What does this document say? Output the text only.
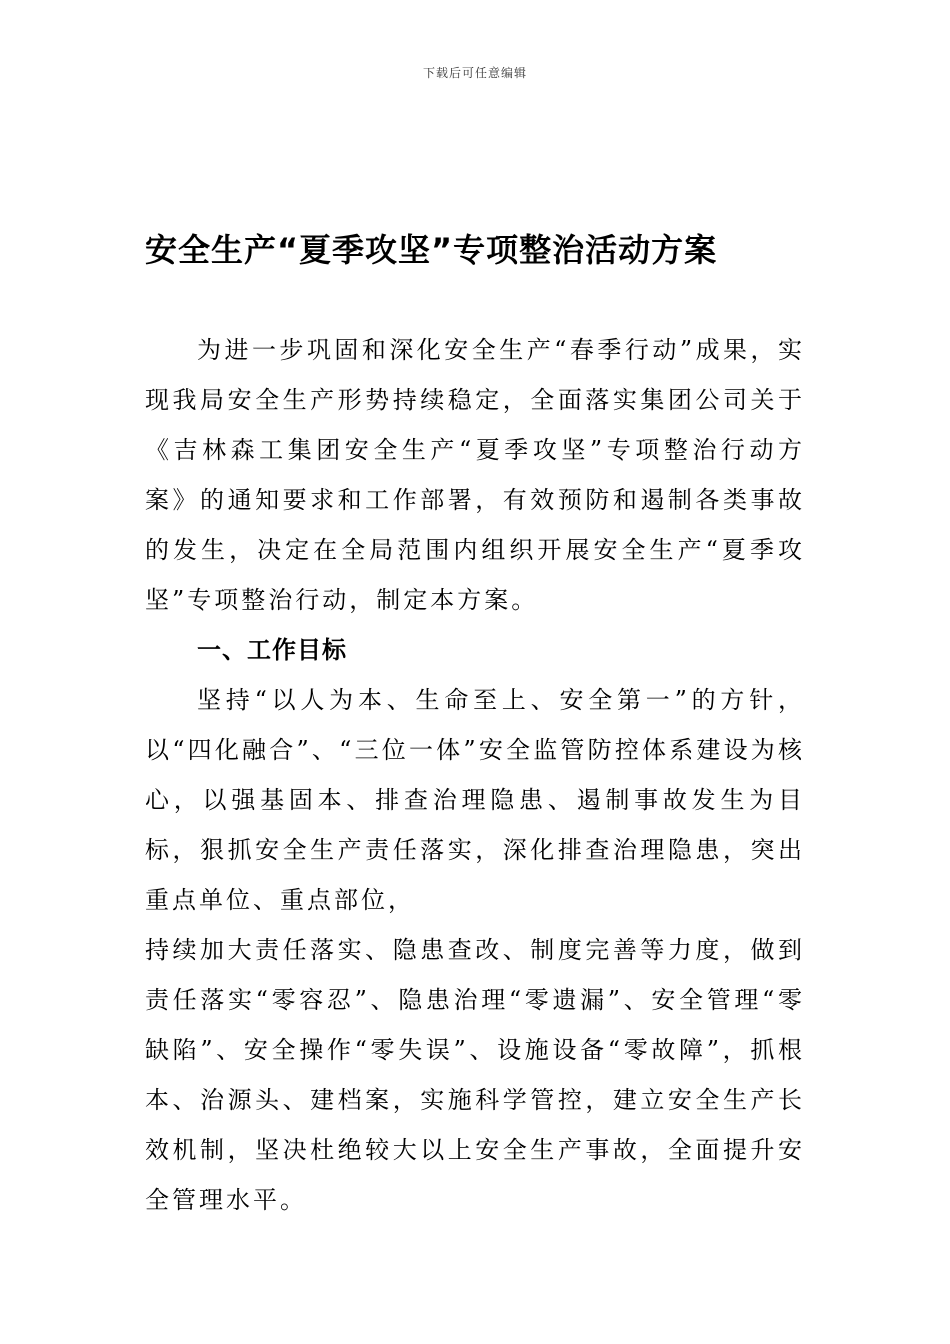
下载后可任意编辑
安全生产“夏季攻坚”专项整治活动方案

为进一步巩固和深化安全生产“春季行动”成果，实现我局安全生产形势持续稳定，全面落实集团公司关于《吉林森工集团安全生产“夏季攻坚”专项整治行动方案》的通知要求和工作部署，有效预防和遏制各类事故的发生，决定在全局范围内组织开展安全生产“夏季攻坚”专项整治行动，制定本方案。

一、工作目标

坚持“以人为本、生命至上、安全第一”的方针，以“四化融合”、“三位一体”安全监管防控体系建设为核心，以强基固本、排查治理隐患、遏制事故发生为目标，狠抓安全生产责任落实，深化排查治理隐患，突出重点单位、重点部位，

持续加大责任落实、隐患查改、制度完善等力度，做到责任落实“零容忍”、隐患治理“零遗漏”、安全管理“零缺陷”、安全操作“零失误”、设施设备“零故障”，抓根本、治源头、建档案，实施科学管控，建立安全生产长效机制，坚决杜绝较大以上安全生产事故，全面提升安全管理水平。
